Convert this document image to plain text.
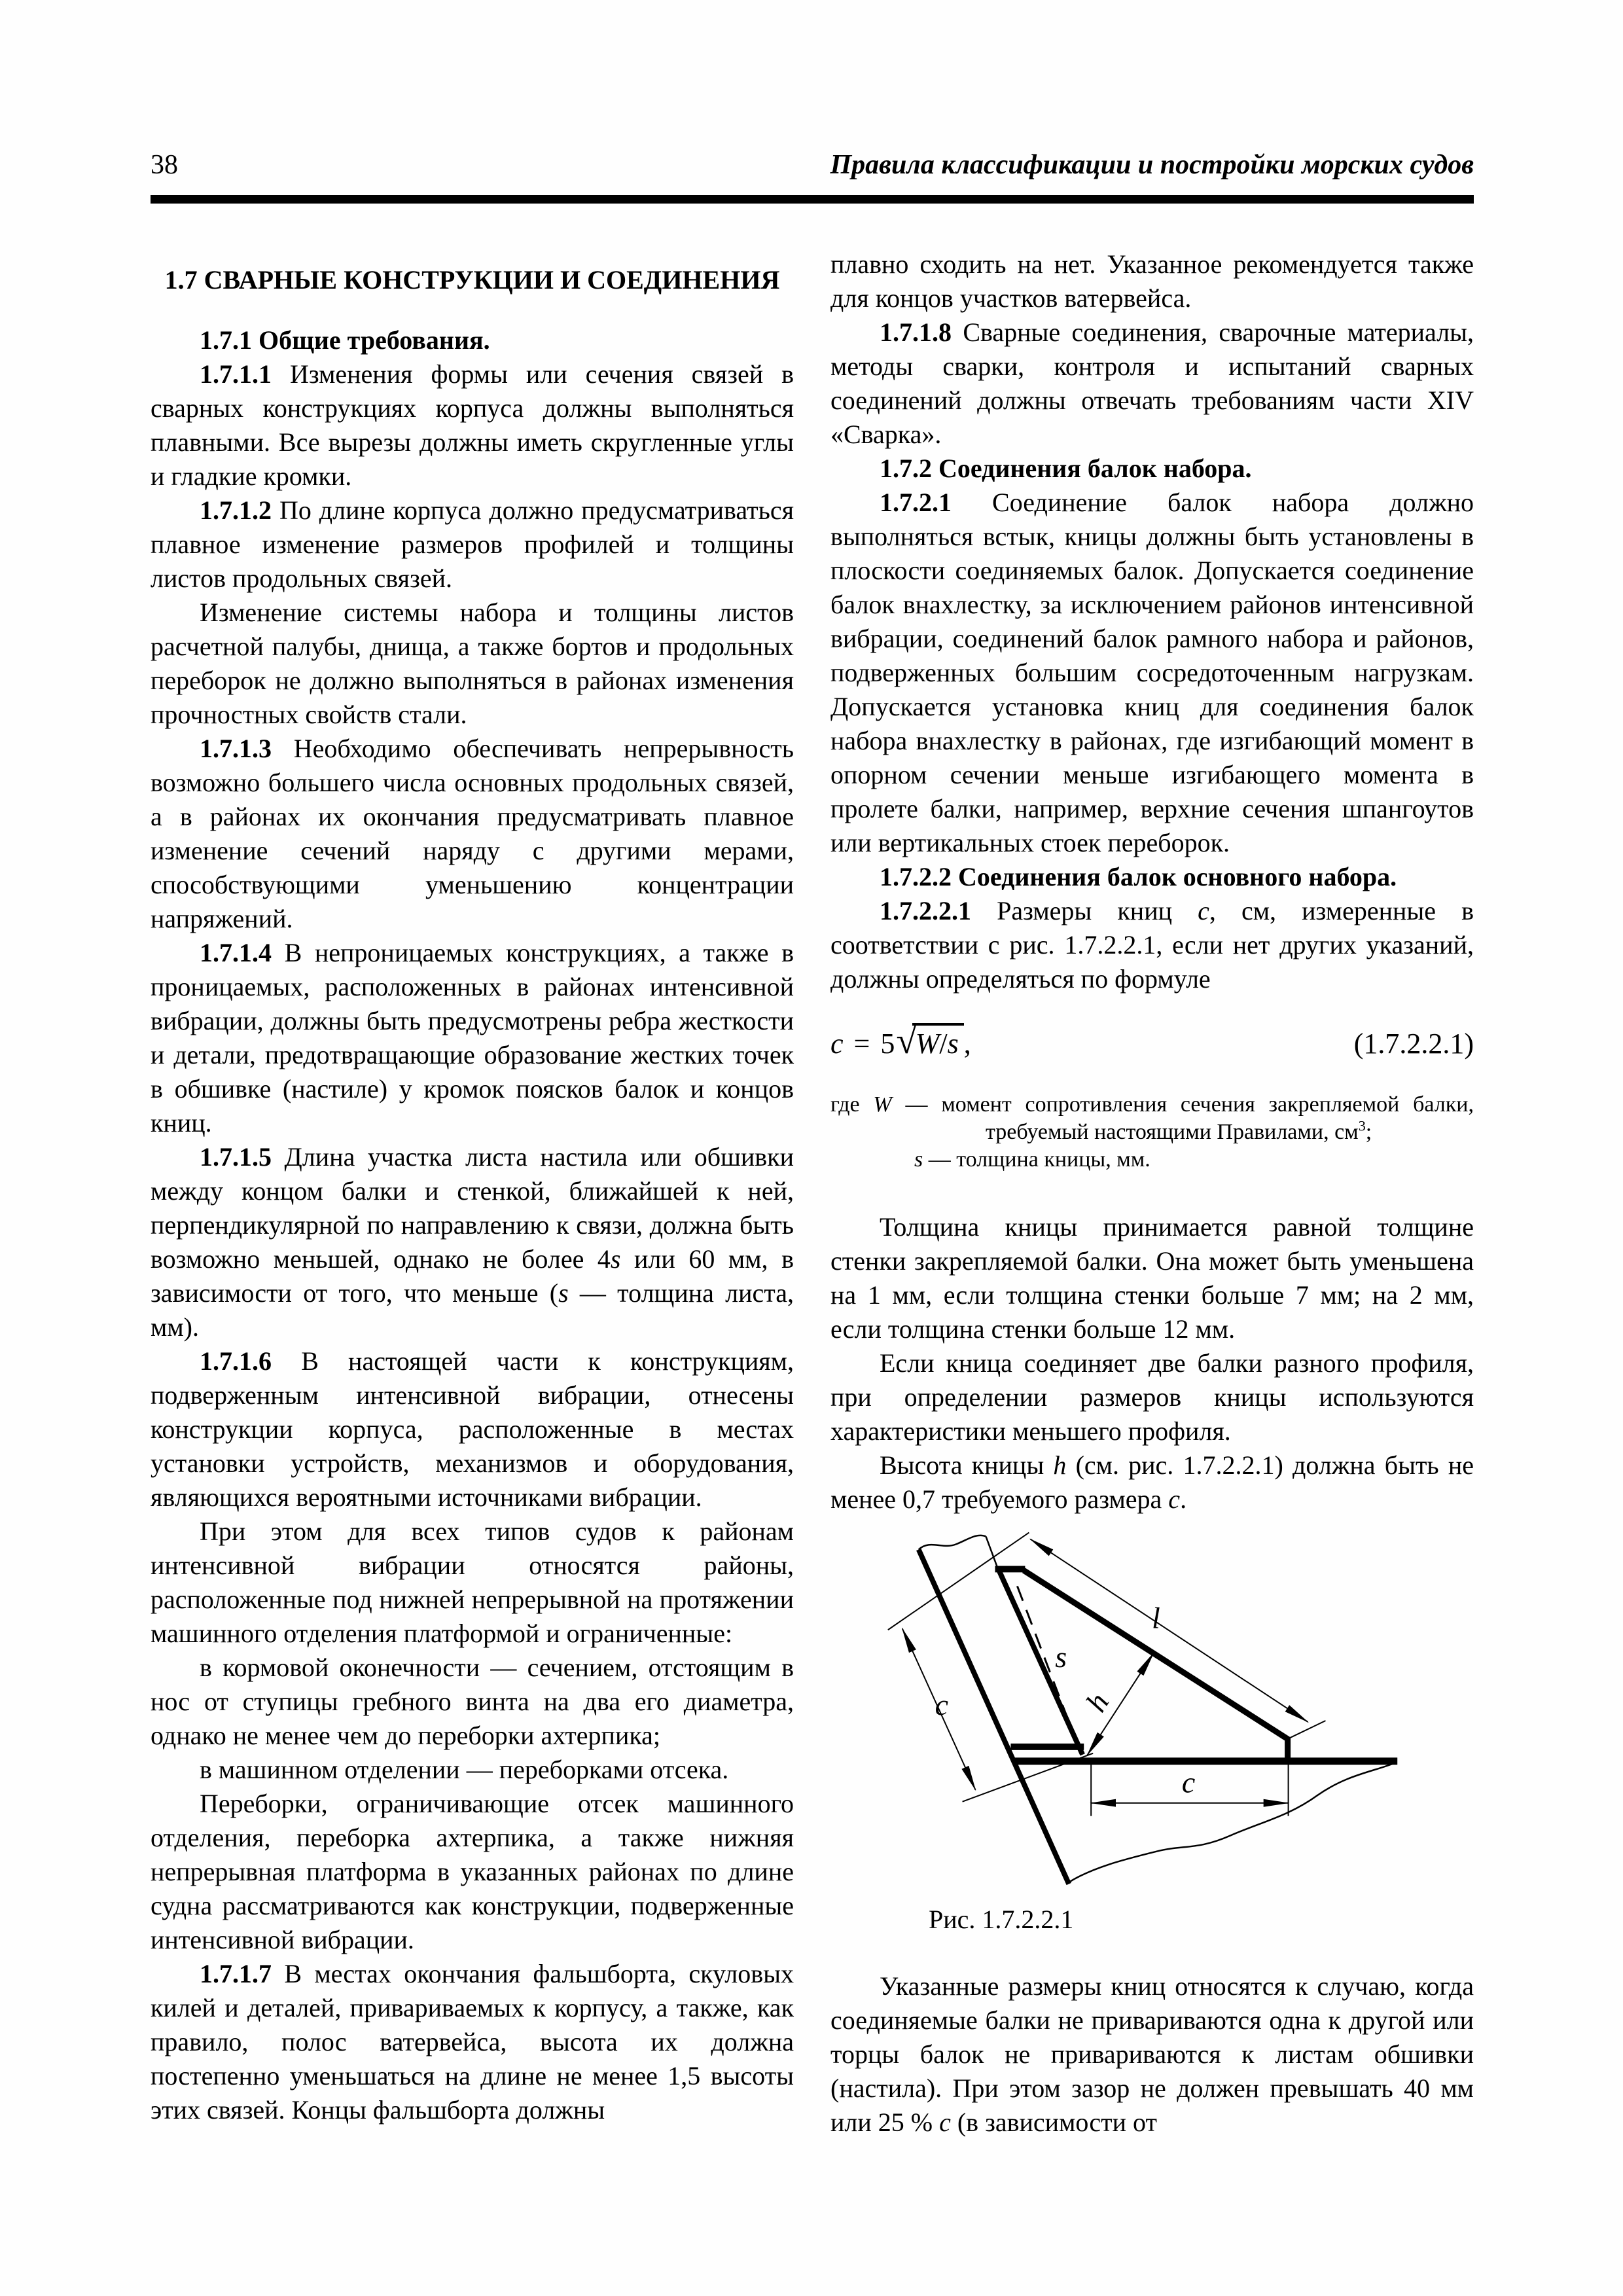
38	Правила классификации и постройки морских судов

1.7 СВАРНЫЕ КОНСТРУКЦИИ И СОЕДИНЕНИЯ

1.7.1 Общие требования.

1.7.1.1 Изменения формы или сечения связей в сварных конструкциях корпуса должны выполняться плавными. Все вырезы должны иметь скругленные углы и гладкие кромки.

1.7.1.2 По длине корпуса должно предусматриваться плавное изменение размеров профилей и толщины листов продольных связей.

Изменение системы набора и толщины листов расчетной палубы, днища, а также бортов и продольных переборок не должно выполняться в районах изменения прочностных свойств стали.

1.7.1.3 Необходимо обеспечивать непрерывность возможно большего числа основных продольных связей, а в районах их окончания предусматривать плавное изменение сечений наряду с другими мерами, способствующими уменьшению концентрации напряжений.

1.7.1.4 В непроницаемых конструкциях, а также в проницаемых, расположенных в районах интенсивной вибрации, должны быть предусмотрены ребра жесткости и детали, предотвращающие образование жестких точек в обшивке (настиле) у кромок поясков балок и концов книц.

1.7.1.5 Длина участка листа настила или обшивки между концом балки и стенкой, ближайшей к ней, перпендикулярной по направлению к связи, должна быть возможно меньшей, однако не более 4s или 60 мм, в зависимости от того, что меньше (s — толщина листа, мм).

1.7.1.6 В настоящей части к конструкциям, подверженным интенсивной вибрации, отнесены конструкции корпуса, расположенные в местах установки устройств, механизмов и оборудования, являющихся вероятными источниками вибрации.

При этом для всех типов судов к районам интенсивной вибрации относятся районы, расположенные под нижней непрерывной на протяжении машинного отделения платформой и ограниченные:

в кормовой оконечности — сечением, отстоящим в нос от ступицы гребного винта на два его диаметра, однако не менее чем до переборки ахтерпика;

в машинном отделении — переборками отсека.

Переборки, ограничивающие отсек машинного отделения, переборка ахтерпика, а также нижняя непрерывная платформа в указанных районах по длине судна рассматриваются как конструкции, подверженные интенсивной вибрации.

1.7.1.7 В местах окончания фальшборта, скуловых килей и деталей, привариваемых к корпусу, а также, как правило, полос ватервейса, высота их должна постепенно уменьшаться на длине не менее 1,5 высоты этих связей. Концы фальшборта должны

плавно сходить на нет. Указанное рекомендуется также для концов участков ватервейса.

1.7.1.8 Сварные соединения, сварочные материалы, методы сварки, контроля и испытаний сварных соединений должны отвечать требованиям части XIV «Сварка».

1.7.2 Соединения балок набора.

1.7.2.1 Соединение балок набора должно выполняться встык, кницы должны быть установлены в плоскости соединяемых балок. Допускается соединение балок внахлестку, за исключением районов интенсивной вибрации, соединений балок рамного набора и районов, подверженных большим сосредоточенным нагрузкам. Допускается установка книц для соединения балок набора внахлестку в районах, где изгибающий момент в опорном сечении меньше изгибающего момента в пролете балки, например, верхние сечения шпангоутов или вертикальных стоек переборок.

1.7.2.2 Соединения балок основного набора.

1.7.2.2.1 Размеры книц c, см, измеренные в соответствии с рис. 1.7.2.2.1, если нет других указаний, должны определяться по формуле

c = 5√W/s ,	(1.7.2.2.1)

где W — момент сопротивления сечения закрепляемой балки, требуемый настоящими Правилами, $см^3$;

s — толщина кницы, мм.

Толщина кницы принимается равной толщине стенки закрепляемой балки. Она может быть уменьшена на 1 мм, если толщина стенки больше 7 мм; на 2 мм, если толщина стенки больше 12 мм.

Если кница соединяет две балки разного профиля, при определении размеров кницы используются характеристики меньшего профиля.

Высота кницы h (см. рис. 1.7.2.2.1) должна быть не менее 0,7 требуемого размера c.

c
l
s
h
c
Рис. 1.7.2.2.1

Указанные размеры книц относятся к случаю, когда соединяемые балки не привариваются одна к другой или торцы балок не привариваются к листам обшивки (настила). При этом зазор не должен превышать 40 мм или 25 % c (в зависимости от
